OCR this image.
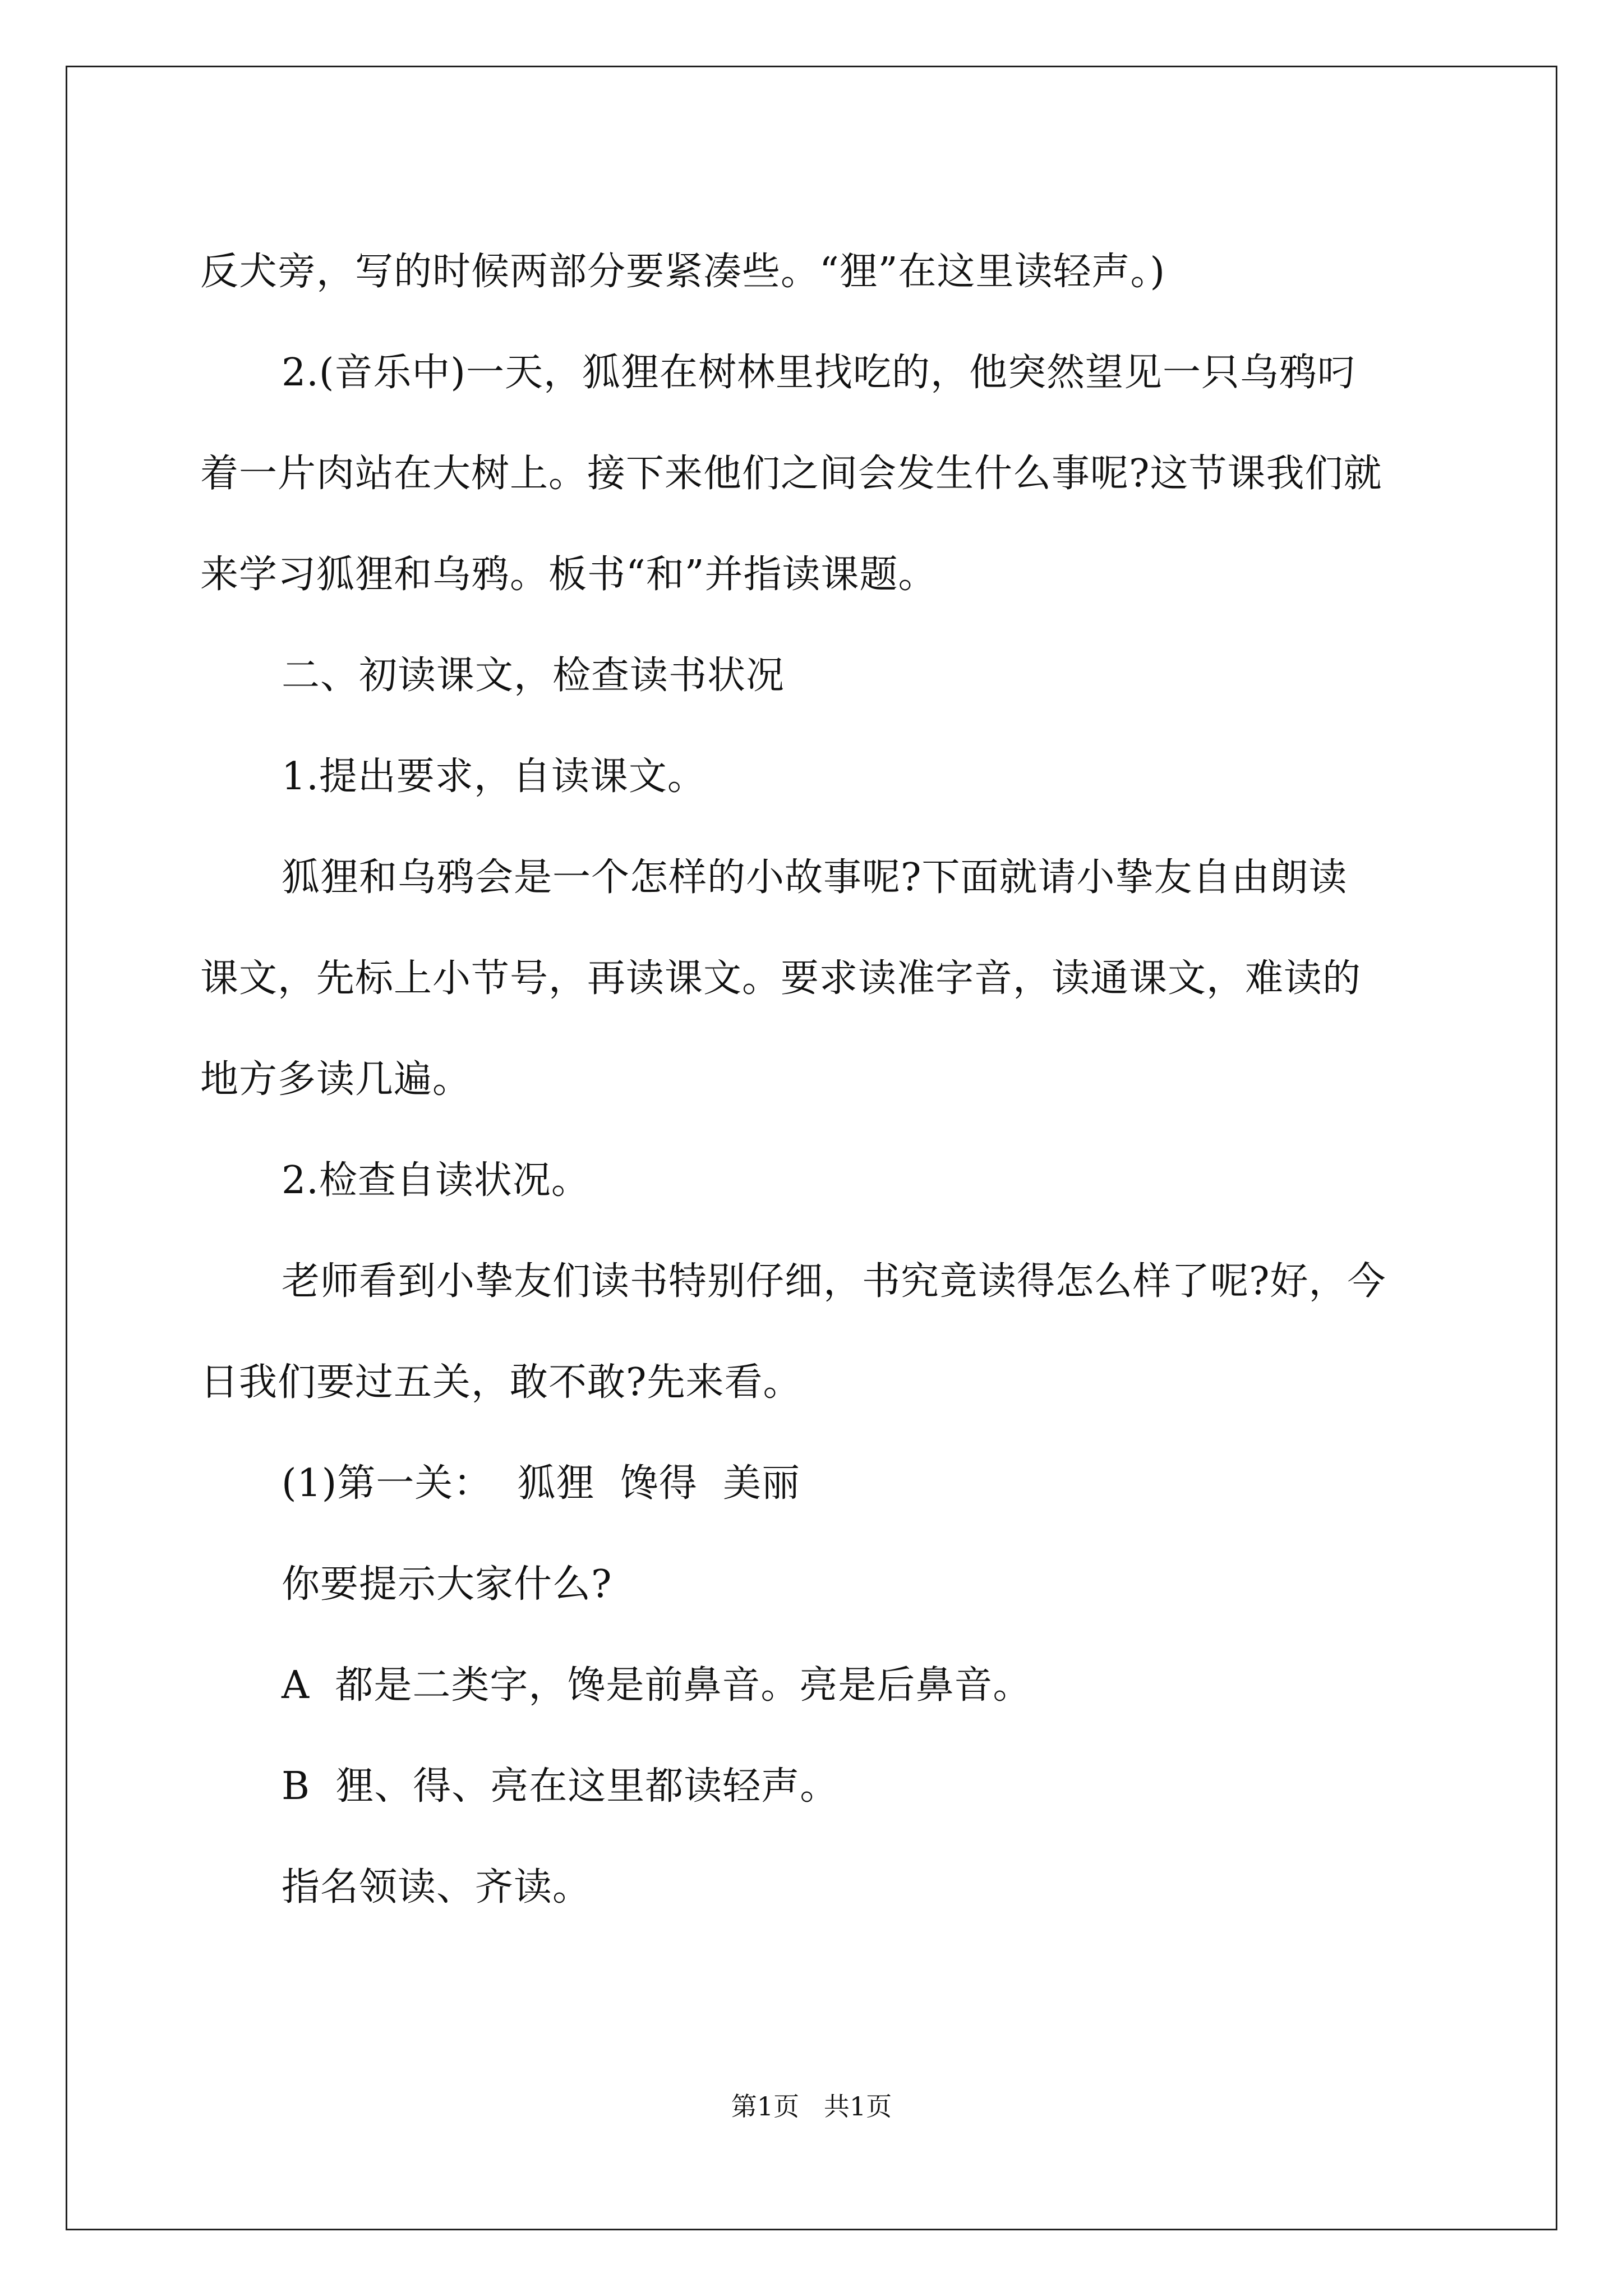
反犬旁，写的时候两部分要紧凑些。“狸”在这里读轻声。)

2.(音乐中)一天，狐狸在树林里找吃的，他突然望见一只乌鸦叼

着一片肉站在大树上。接下来他们之间会发生什么事呢?这节课我们就

来学习狐狸和乌鸦。板书“和”并指读课题。

二、初读课文，检查读书状况

1.提出要求，自读课文。

狐狸和乌鸦会是一个怎样的小故事呢?下面就请小挚友自由朗读

课文，先标上小节号，再读课文。要求读准字音，读通课文，难读的

地方多读几遍。

2.检查自读状况。

老师看到小挚友们读书特别仔细，书究竟读得怎么样了呢?好，今

日我们要过五关，敢不敢?先来看。

(1)第一关：  狐狸  馋得  美丽

你要提示大家什么?

A  都是二类字，馋是前鼻音。亮是后鼻音。

B  狸、得、亮在这里都读轻声。

指名领读、齐读。

第1页   共1页
